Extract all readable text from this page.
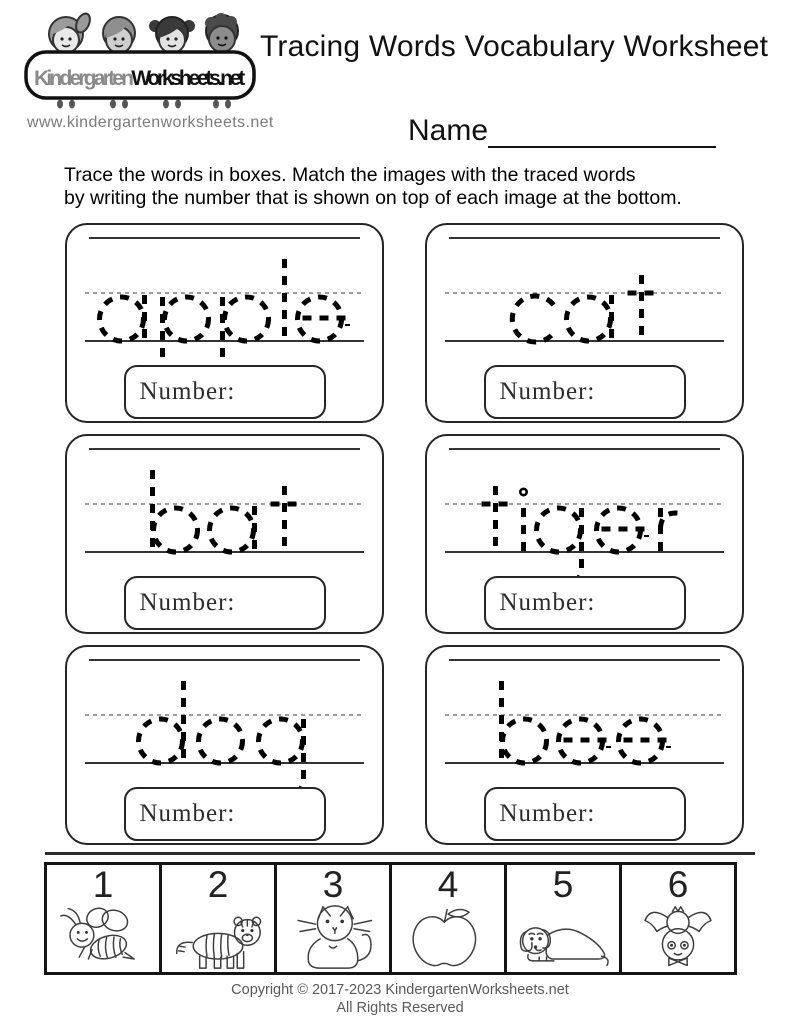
KindergartenWorksheets.net
www.kindergartenworksheets.net
Tracing Words Vocabulary Worksheet
Name
Trace the words in boxes. Match the images with the traced words
by writing the number that is shown on top of each image at the bottom.
Number:	Number:
Number:	Number:
Number:	Number:
1	2	3	4	5	6
Copyright © 2017-2023 KindergartenWorksheets.net
All Rights Reserved
